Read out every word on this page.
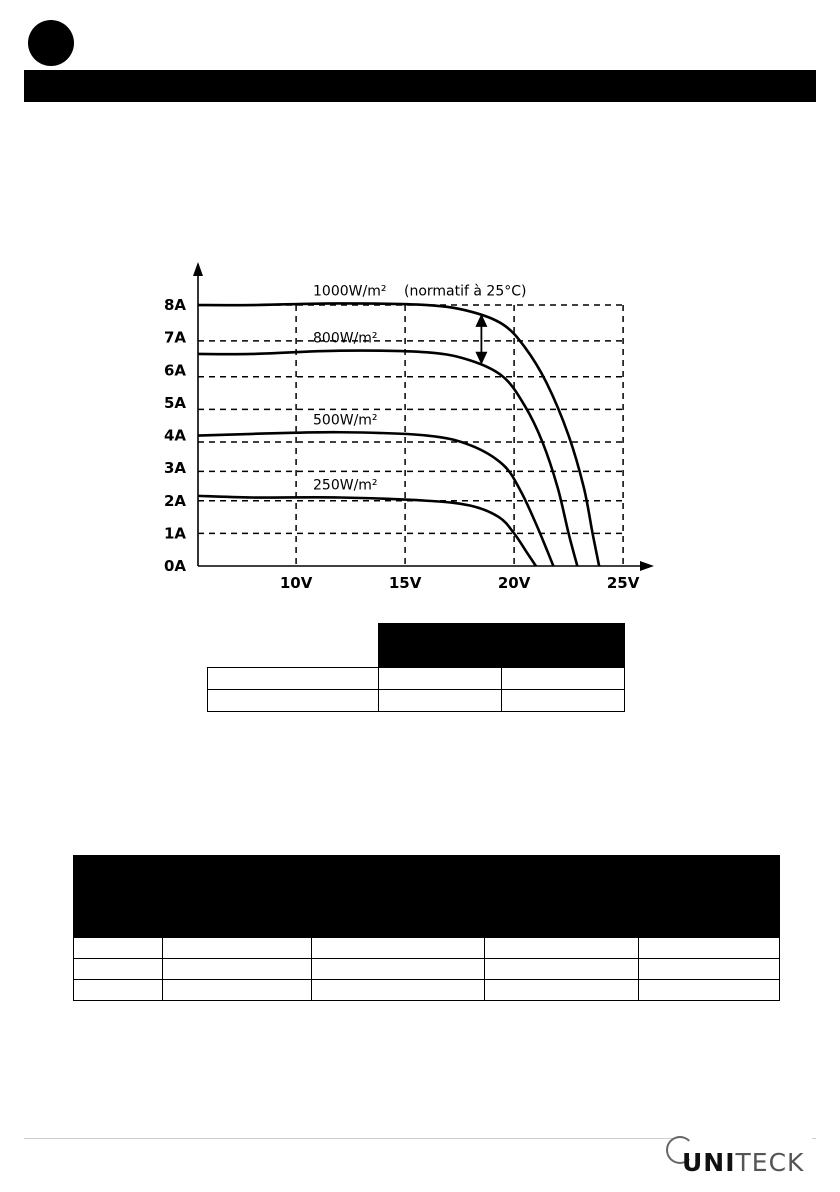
0A
1A
2A
3A
4A
5A
6A
7A
8A
10V	15V	20V	25V
1000W/m² (normatif à 25°C)
800W/m²
500W/m²
250W/m²

UNITECK
